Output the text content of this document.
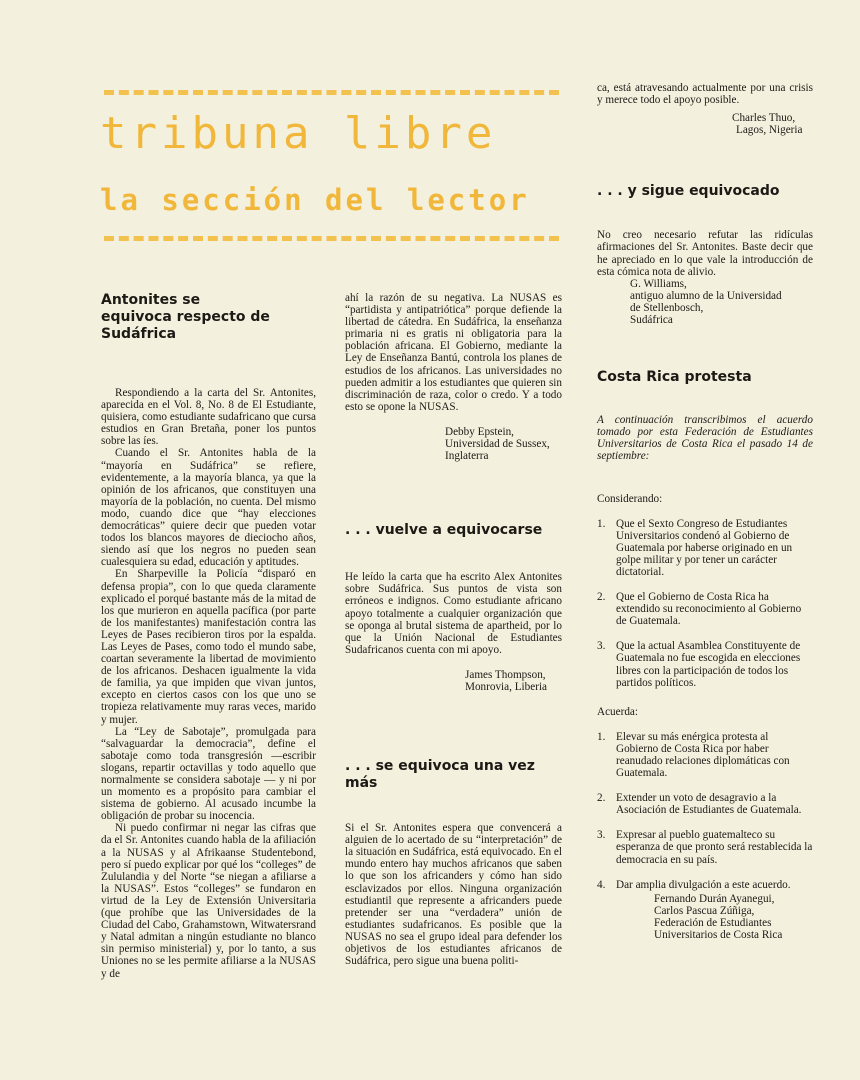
tribuna libre
la sección del lector
Antonites se equivoca respecto de Sudáfrica

Respondiendo a la carta del Sr. Antonites, aparecida en el Vol. 8, No. 8 de El Estudiante, quisiera, como estudiante sudafricano que cursa estudios en Gran Bretaña, poner los puntos sobre las íes.

Cuando el Sr. Antonites habla de la “mayoría en Sudáfrica” se refiere, evidentemente, a la mayoría blanca, ya que la opinión de los africanos, que constituyen una mayoría de la población, no cuenta. Del mismo modo, cuando dice que “hay elecciones democráticas” quiere decir que pueden votar todos los blancos mayores de dieciocho años, siendo así que los negros no pueden sean cualesquiera su edad, educación y aptitudes.

En Sharpeville la Policía “disparó en defensa propia”, con lo que queda claramente explicado el porqué bastante más de la mitad de los que murieron en aquella pacífica (por parte de los manifestantes) manifestación contra las Leyes de Pases recibieron tiros por la espalda. Las Leyes de Pases, como todo el mundo sabe, coartan severamente la libertad de movimiento de los africanos. Deshacen igualmente la vida de familia, ya que impiden que vivan juntos, excepto en ciertos casos con los que uno se tropieza relativamente muy raras veces, marido y mujer.

La “Ley de Sabotaje”, promulgada para “salvaguardar la democracia”, define el sabotaje como toda transgresión —escribir slogans, repartir octavillas y todo aquello que normalmente se considera sabotaje — y ni por un momento es a propósito para cambiar el sistema de gobierno. Al acusado incumbe la obligación de probar su inocencia.

Ni puedo confirmar ni negar las cifras que da el Sr. Antonites cuando habla de la afiliación a la NUSAS y al Afrikaanse Studentebond, pero sí puedo explicar por qué los “colleges” de Zululandia y del Norte “se niegan a afiliarse a la NUSAS”. Estos “colleges” se fundaron en virtud de la Ley de Extensión Universitaria (que prohíbe que las Universidades de la Ciudad del Cabo, Grahamstown, Witwatersrand y Natal admitan a ningún estudiante no blanco sin permiso ministerial) y, por lo tanto, a sus Uniones no se les permite afiliarse a la NUSAS y de

ahí la razón de su negativa. La NUSAS es “partidista y antipatriótica” porque defiende la libertad de cátedra. En Sudáfrica, la enseñanza primaria ni es gratis ni obligatoria para la población africana. El Gobierno, mediante la Ley de Enseñanza Bantú, controla los planes de estudios de los africanos. Las universidades no pueden admitir a los estudiantes que quieren sin discriminación de raza, color o credo. Y a todo esto se opone la NUSAS.

Debby Epstein,
Universidad de Sussex,
Inglaterra
. . . vuelve a equivocarse

He leído la carta que ha escrito Alex Antonites sobre Sudáfrica. Sus puntos de vista son erróneos e indignos. Como estudiante africano apoyo totalmente a cualquier organización que se oponga al brutal sistema de apartheid, por lo que la Unión Nacional de Estudiantes Sudafricanos cuenta con mi apoyo.

James Thompson,
Monrovia, Liberia
. . . se equivoca una vez más

Si el Sr. Antonites espera que convencerá a alguien de lo acertado de su “interpretación” de la situación en Sudáfrica, está equivocado. En el mundo entero hay muchos africanos que saben lo que son los africanders y cómo han sido esclavizados por ellos. Ninguna organización estudiantil que represente a africanders puede pretender ser una “verdadera” unión de estudiantes sudafricanos. Es posible que la NUSAS no sea el grupo ideal para defender los objetivos de los estudiantes africanos de Sudáfrica, pero sigue una buena politi-

ca, está atravesando actualmente por una crisis y merece todo el apoyo posible.

Charles Thuo,
Lagos, Nigeria
. . . y sigue equivocado

No creo necesario refutar las ridículas afirmaciones del Sr. Antonites. Baste decir que he apreciado en lo que vale la introducción de esta cómica nota de alivio.

G. Williams,
antiguo alumno de la Universidad
de Stellenbosch,
Sudáfrica
Costa Rica protesta

A continuación transcribimos el acuerdo tomado por esta Federación de Estudiantes Universitarios de Costa Rica el pasado 14 de septiembre:

Considerando:
1. Que el Sexto Congreso de Estudiantes Universitarios condenó al Gobierno de Guatemala por haberse originado en un golpe militar y por tener un carácter dictatorial.
2. Que el Gobierno de Costa Rica ha extendido su reconocimiento al Gobierno de Guatemala.
3. Que la actual Asamblea Constituyente de Guatemala no fue escogida en elecciones libres con la participación de todos los partidos políticos.
Acuerda:
1. Elevar su más enérgica protesta al Gobierno de Costa Rica por haber reanudado relaciones diplomáticas con Guatemala.
2. Extender un voto de desagravio a la Asociación de Estudiantes de Guatemala.
3. Expresar al pueblo guatemalteco su esperanza de que pronto será restablecida la democracia en su país.
4. Dar amplia divulgación a este acuerdo.
Fernando Durán Ayanegui,
Carlos Pascua Zúñiga,
Federación de Estudiantes
Universitarios de Costa Rica
